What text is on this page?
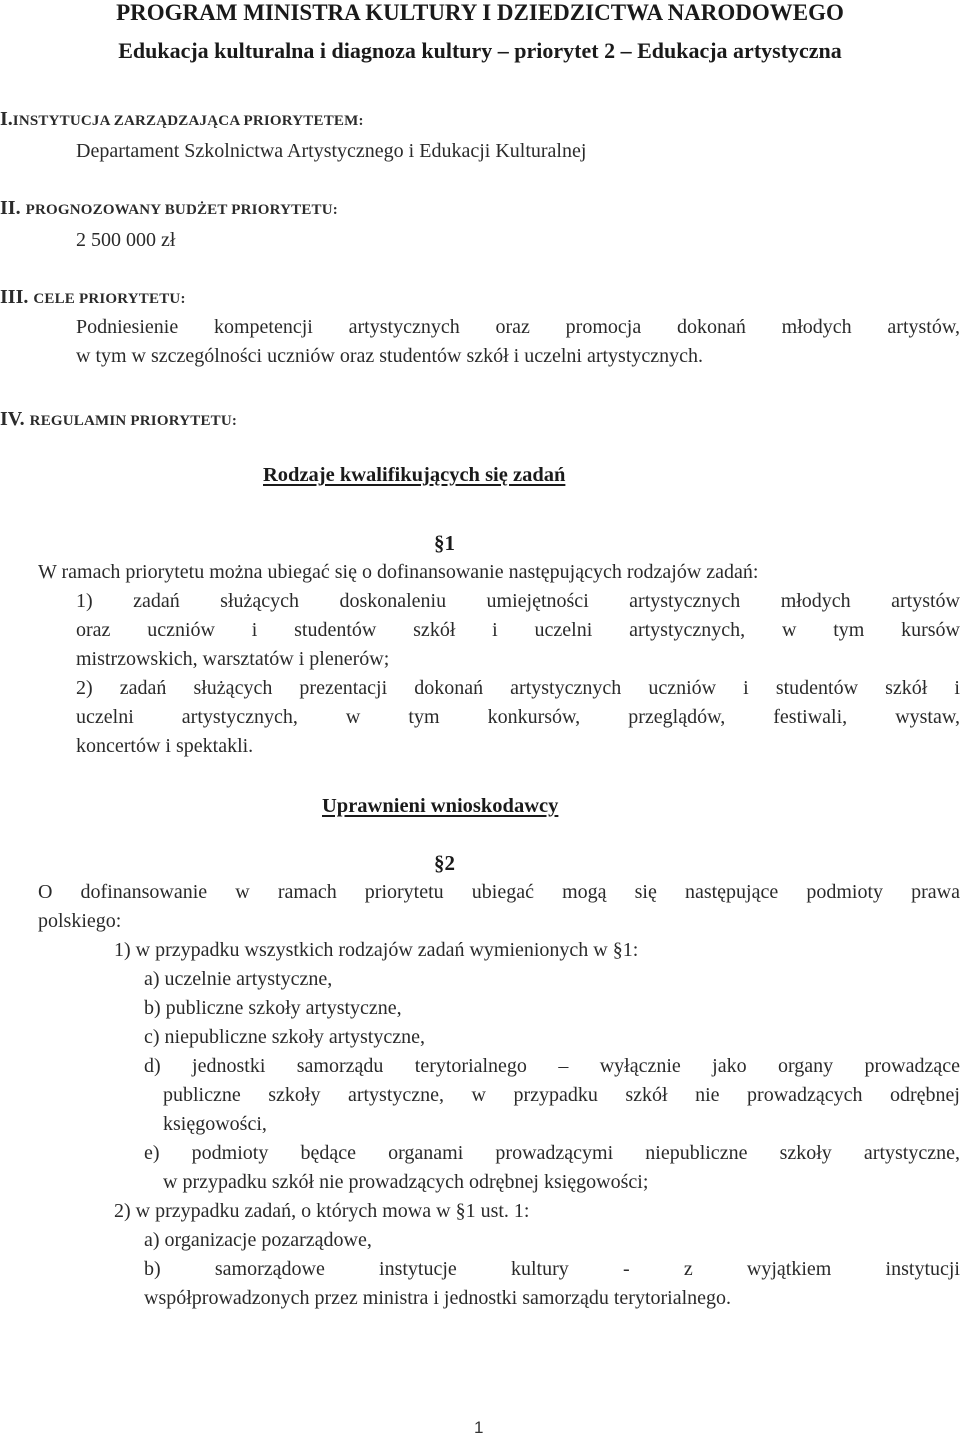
PROGRAM MINISTRA KULTURY I DZIEDZICTWA NARODOWEGO
Edukacja kulturalna i diagnoza kultury – priorytet 2 – Edukacja artystyczna
I.INSTYTUCJA ZARZĄDZAJĄCA PRIORYTETEM:
Departament Szkolnictwa Artystycznego i Edukacji Kulturalnej
II. PROGNOZOWANY BUDŻET PRIORYTETU:
2 500 000 zł
III. CELE PRIORYTETU:
Podniesienie kompetencji artystycznych oraz promocja dokonań młodych artystów,
w tym w szczególności uczniów oraz studentów szkół i uczelni artystycznych.
IV. REGULAMIN PRIORYTETU:
Rodzaje kwalifikujących się zadań
§1
W ramach priorytetu można ubiegać się o dofinansowanie następujących rodzajów zadań:
1) zadań służących doskonaleniu umiejętności artystycznych młodych artystów
oraz uczniów i studentów szkół i uczelni artystycznych, w tym kursów
mistrzowskich, warsztatów i plenerów;
2) zadań służących prezentacji dokonań artystycznych uczniów i studentów szkół i
uczelni artystycznych, w tym konkursów, przeglądów, festiwali, wystaw,
koncertów i spektakli.
Uprawnieni wnioskodawcy
§2
O dofinansowanie w ramach priorytetu ubiegać mogą się następujące podmioty prawa
polskiego:
1) w przypadku wszystkich rodzajów zadań wymienionych w §1:
a) uczelnie artystyczne,
b) publiczne szkoły artystyczne,
c) niepubliczne szkoły artystyczne,
d) jednostki samorządu terytorialnego – wyłącznie jako organy prowadzące
publiczne szkoły artystyczne, w przypadku szkół nie prowadzących odrębnej
księgowości,
e) podmioty będące organami prowadzącymi niepubliczne szkoły artystyczne,
w przypadku szkół nie prowadzących odrębnej księgowości;
2) w przypadku zadań, o których mowa w §1 ust. 1:
a) organizacje pozarządowe,
b) samorządowe instytucje kultury - z wyjątkiem instytucji
współprowadzonych przez ministra i jednostki samorządu terytorialnego.
1
